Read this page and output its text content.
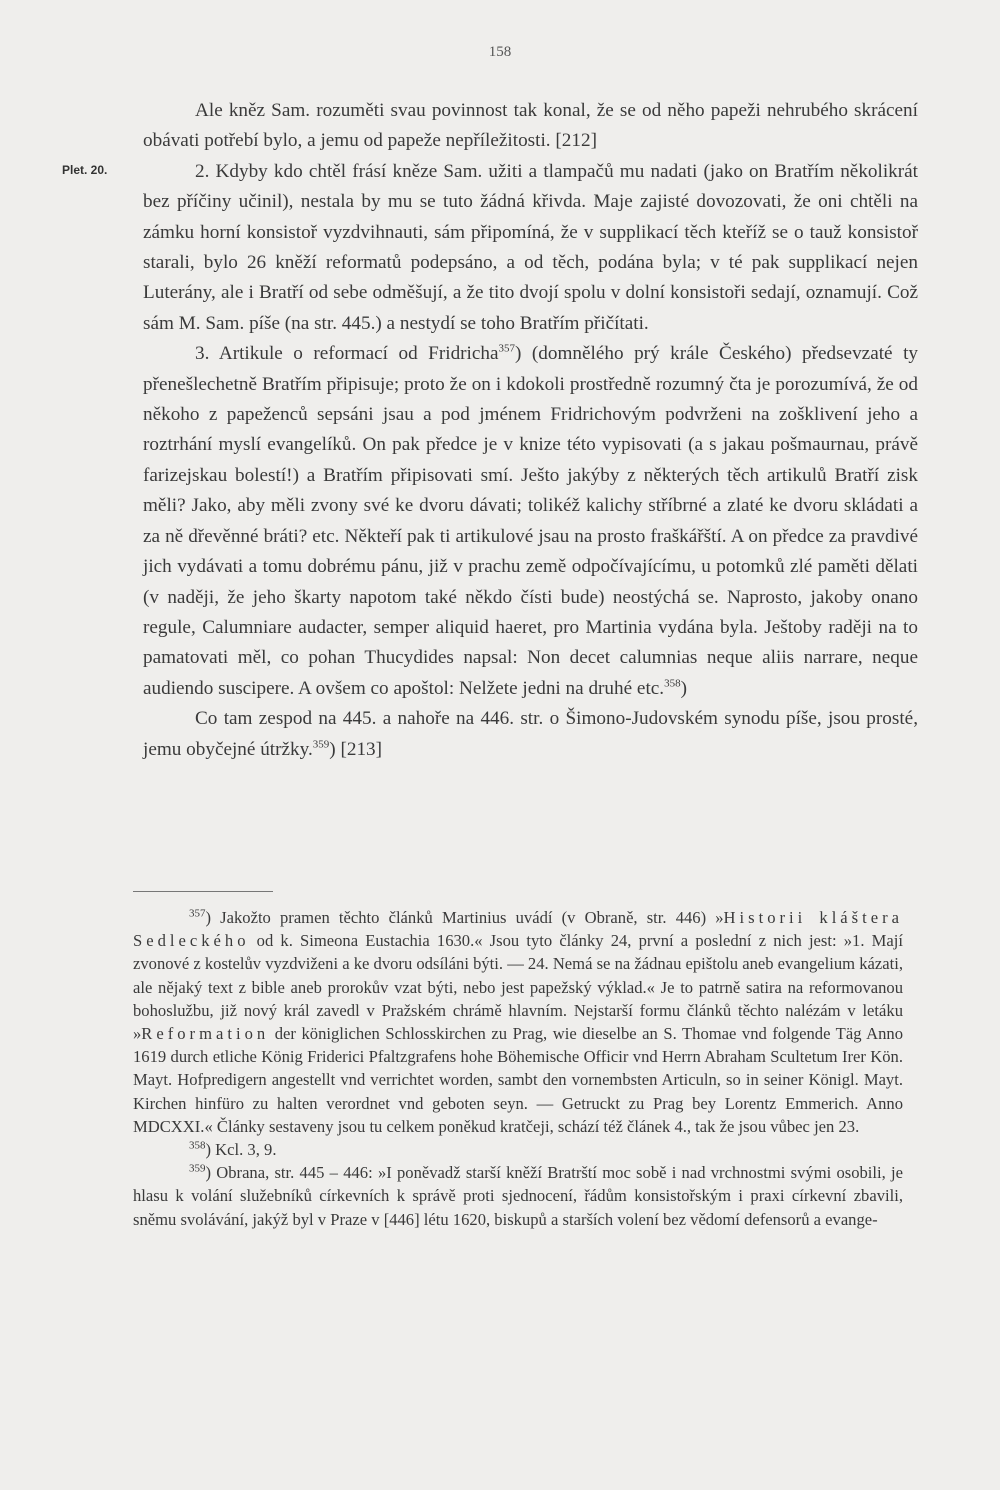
158
Plet. 20.

Ale kněz Sam. rozuměti svau povinnost tak konal, že se od něho papeži nehrubého skrácení obávati potřebí bylo, a jemu od papeže nepříležitosti. [212]

2. Kdyby kdo chtěl frásí kněze Sam. užiti a tlampačů mu nadati (jako on Bratřím několikrát bez příčiny učinil), nestala by mu se tuto žádná křivda. Maje zajisté dovozovati, že oni chtěli na zámku horní konsistoř vyzdvihnauti, sám připomíná, že v supplikací těch kteříž se o tauž konsistoř starali, bylo 26 kněží reformatů podepsáno, a od těch, podána byla; v té pak supplikací nejen Luterány, ale i Bratří od sebe odměšují, a že tito dvojí spolu v dolní konsistoři sedají, oznamují. Což sám M. Sam. píše (na str. 445.) a nestydí se toho Bratřím přičítati.

3. Artikule o reformací od Fridricha$^{357}$) (domnělého prý krále Českého) předsevzaté ty přenešlechetně Bratřím připisuje; proto že on i kdokoli prostředně rozumný čta je porozumívá, že od někoho z papeženců sepsáni jsau a pod jménem Fridrichovým podvrženi na zošklivení jeho a roztrhání myslí evangelíků. On pak předce je v knize této vypisovati (a s jakau pošmaurnau, právě farizejskau bolestí!) a Bratřím připisovati smí. Ješto jakýby z některých těch artikulů Bratří zisk měli? Jako, aby měli zvony své ke dvoru dávati; tolikéž kalichy stříbrné a zlaté ke dvoru skládati a za ně dřevěnné bráti? etc. Někteří pak ti artikulové jsau na prosto fraškářští. A on předce za pravdivé jich vydávati a tomu dobrému pánu, již v prachu země odpočívajícímu, u potomků zlé paměti dělati (v naději, že jeho škarty napotom také někdo čísti bude) neostýchá se. Naprosto, jakoby onano regule, Calumniare audacter, semper aliquid haeret, pro Martinia vydána byla. Ještoby raději na to pamatovati měl, co pohan Thucydides napsal: Non decet calumnias neque aliis narrare, neque audiendo suscipere. A ovšem co apoštol: Nelžete jedni na druhé etc.$^{358}$)

Co tam zespod na 445. a nahoře na 446. str. o Šimono-Judovském synodu píše, jsou prosté, jemu obyčejné útržky.$^{359}$) [213]

$^{357}$) Jakožto pramen těchto článků Martinius uvádí (v Obraně, str. 446) »Historii kláštera Sedleckého od k. Simeona Eustachia 1630.« Jsou tyto články 24, první a poslední z nich jest: »1. Mají zvonové z kostelův vyzdviženi a ke dvoru odsíláni býti. — 24. Nemá se na žádnau epištolu aneb evangelium kázati, ale nějaký text z bible aneb prorokův vzat býti, nebo jest papežský výklad.« Je to patrně satira na reformovanou bohoslužbu, již nový král zavedl v Pražském chrámě hlavním. Nejstarší formu článků těchto nalézám v letáku »Reformation der königlichen Schlosskirchen zu Prag, wie dieselbe an S. Thomae vnd folgende Täg Anno 1619 durch etliche König Friderici Pfaltzgrafens hohe Böhemische Officir vnd Herrn Abraham Scultetum Irer Kön. Mayt. Hofpredigern angestellt vnd verrichtet worden, sambt den vornembsten Articuln, so in seiner Königl. Mayt. Kirchen hinfüro zu halten verordnet vnd geboten seyn. — Getruckt zu Prag bey Lorentz Emmerich. Anno MDCXXI.« Články sestaveny jsou tu celkem poněkud kratčeji, schází též článek 4., tak že jsou vůbec jen 23.

$^{358}$) Kcl. 3, 9.

$^{359}$) Obrana, str. 445 – 446: »I poněvadž starší kněží Bratrští moc sobě i nad vrchnostmi svými osobili, je hlasu k volání služebníků církevních k správě proti sjednocení, řádům konsistořským i praxi církevní zbavili, sněmu svolávání, jakýž byl v Praze v [446] létu 1620, biskupů a starších volení bez vědomí defensorů a evange-
